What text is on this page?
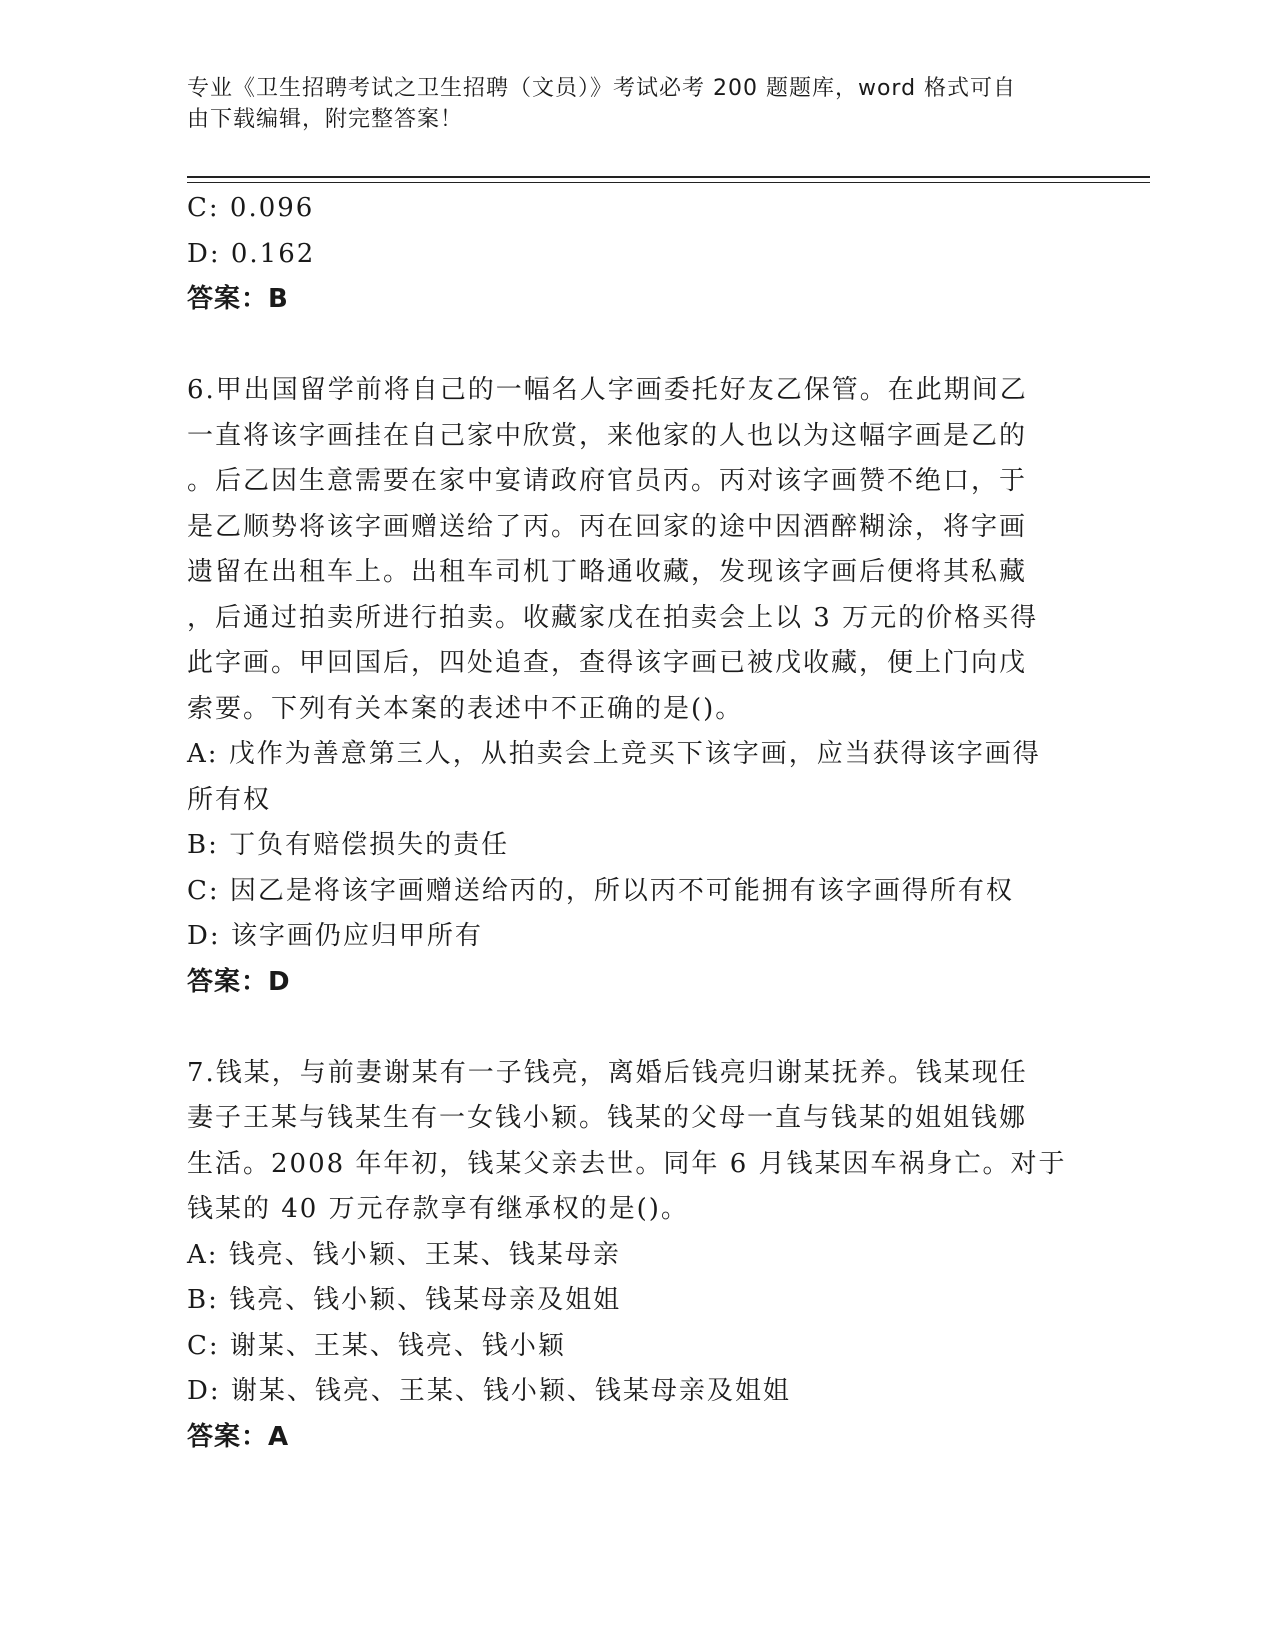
专业《卫生招聘考试之卫生招聘（文员）》考试必考 200 题题库，word 格式可自
由下载编辑，附完整答案！
C: 0.096
D: 0.162
答案：B
6.甲出国留学前将自己的一幅名人字画委托好友乙保管。在此期间乙
一直将该字画挂在自己家中欣赏，来他家的人也以为这幅字画是乙的
。后乙因生意需要在家中宴请政府官员丙。丙对该字画赞不绝口，于
是乙顺势将该字画赠送给了丙。丙在回家的途中因酒醉糊涂，将字画
遗留在出租车上。出租车司机丁略通收藏，发现该字画后便将其私藏
，后通过拍卖所进行拍卖。收藏家戊在拍卖会上以 3 万元的价格买得
此字画。甲回国后，四处追查，查得该字画已被戊收藏，便上门向戊
索要。下列有关本案的表述中不正确的是()。
A: 戊作为善意第三人，从拍卖会上竞买下该字画，应当获得该字画得
所有权
B: 丁负有赔偿损失的责任
C: 因乙是将该字画赠送给丙的，所以丙不可能拥有该字画得所有权
D: 该字画仍应归甲所有
答案：D
7.钱某，与前妻谢某有一子钱亮，离婚后钱亮归谢某抚养。钱某现任
妻子王某与钱某生有一女钱小颖。钱某的父母一直与钱某的姐姐钱娜
生活。2008 年年初，钱某父亲去世。同年 6 月钱某因车祸身亡。对于
钱某的 40 万元存款享有继承权的是()。
A: 钱亮、钱小颖、王某、钱某母亲
B: 钱亮、钱小颖、钱某母亲及姐姐
C: 谢某、王某、钱亮、钱小颖
D: 谢某、钱亮、王某、钱小颖、钱某母亲及姐姐
答案：A
